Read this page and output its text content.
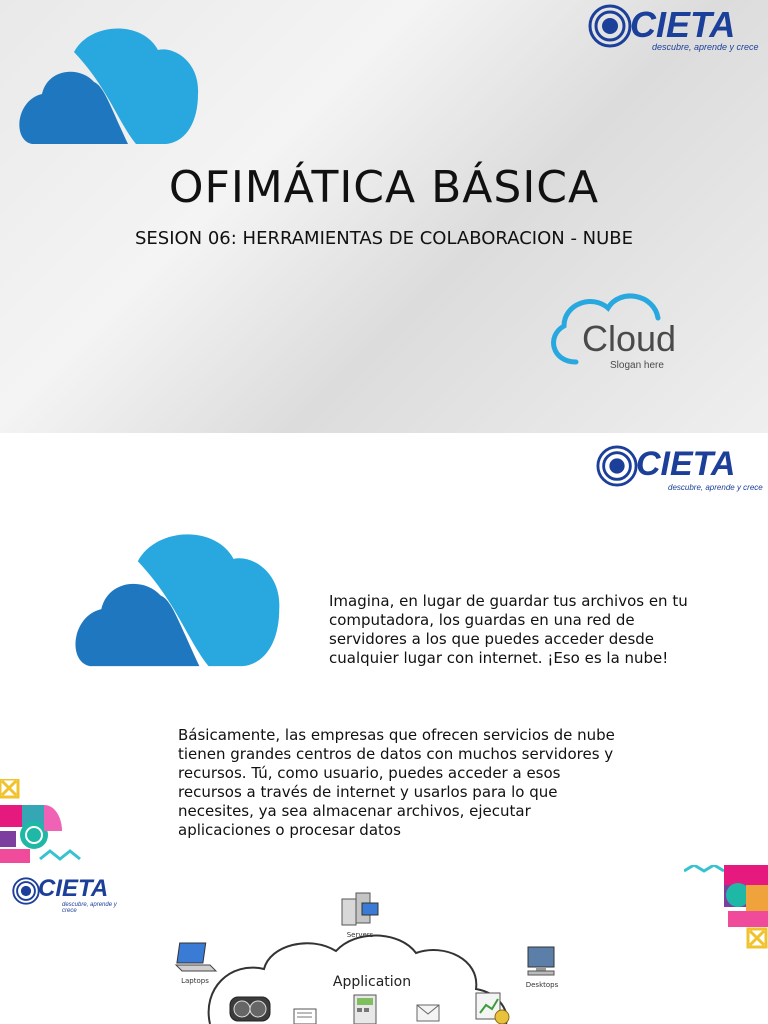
CIETA
descubre, aprende y crece
OFIMÁTICA BÁSICA
SESION 06: HERRAMIENTAS DE COLABORACION - NUBE
Cloud
Slogan here
CIETA
descubre, aprende y crece
Imagina, en lugar de guardar tus archivos en tu computadora, los guardas en una red de servidores a los que puedes acceder desde cualquier lugar con internet. ¡Eso es la nube!
Básicamente, las empresas que ofrecen servicios de nube tienen grandes centros de datos con muchos servidores y recursos. Tú, como usuario, puedes acceder a esos recursos a través de internet y usarlos para lo que necesites, ya sea almacenar archivos, ejecutar aplicaciones o procesar datos
CIETA
descubre, aprende y crece
Servers
Laptops	Desktops
Application
